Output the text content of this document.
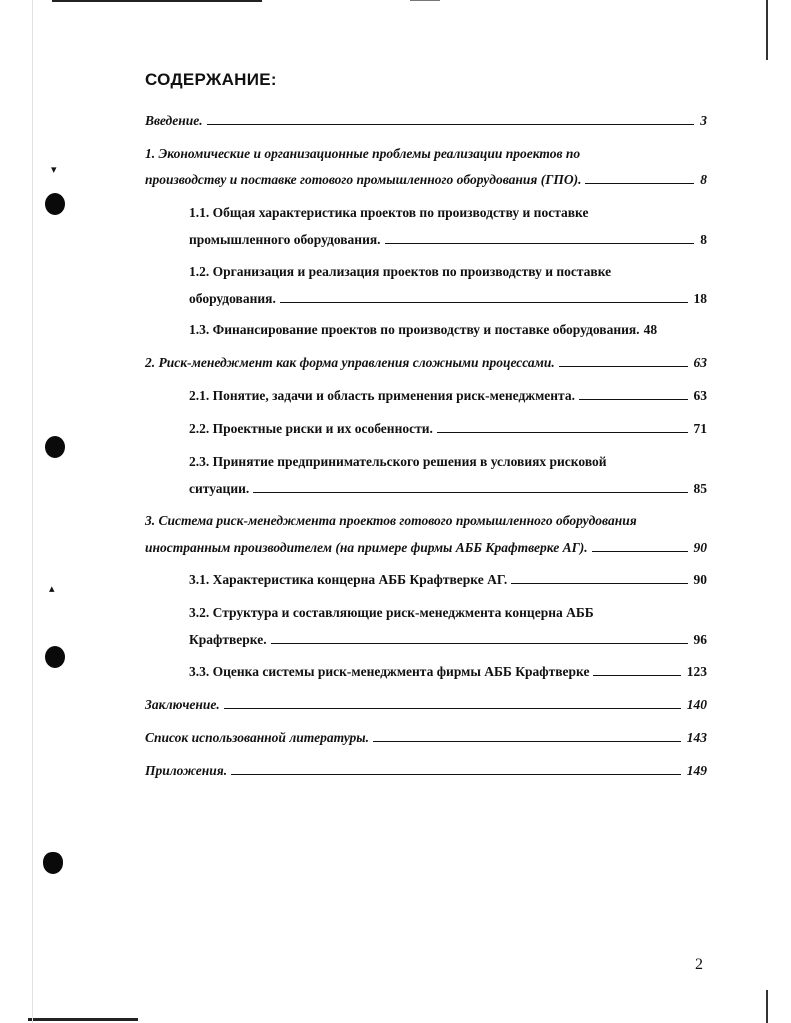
▾
▴
СОДЕРЖАНИЕ:
Введение.	3
1. Экономические и организационные проблемы реализации проектов по
производству и поставке готового промышленного оборудования (ГПО).	8
1.1. Общая характеристика проектов по производству и поставке
промышленного оборудования.	8
1.2. Организация и реализация проектов по производству и поставке
оборудования.	18
1.3. Финансирование проектов по производству и поставке оборудования. 48
2. Риск-менеджмент как форма управления сложными процессами.	63
2.1. Понятие, задачи и область применения риск-менеджмента.	63
2.2. Проектные риски и их особенности.	71
2.3. Принятие предпринимательского решения в условиях рисковой
ситуации.	85
3. Система риск-менеджмента проектов готового промышленного оборудования
иностранным производителем (на примере фирмы АББ Крафтверке АГ).	90
3.1. Характеристика концерна АББ Крафтверке АГ.	90
3.2. Структура и составляющие риск-менеджмента концерна АББ
Крафтверке.	96
3.3. Оценка системы риск-менеджмента фирмы АББ Крафтверке	123
Заключение.	140
Список использованной литературы.	143
Приложения.	149
2
